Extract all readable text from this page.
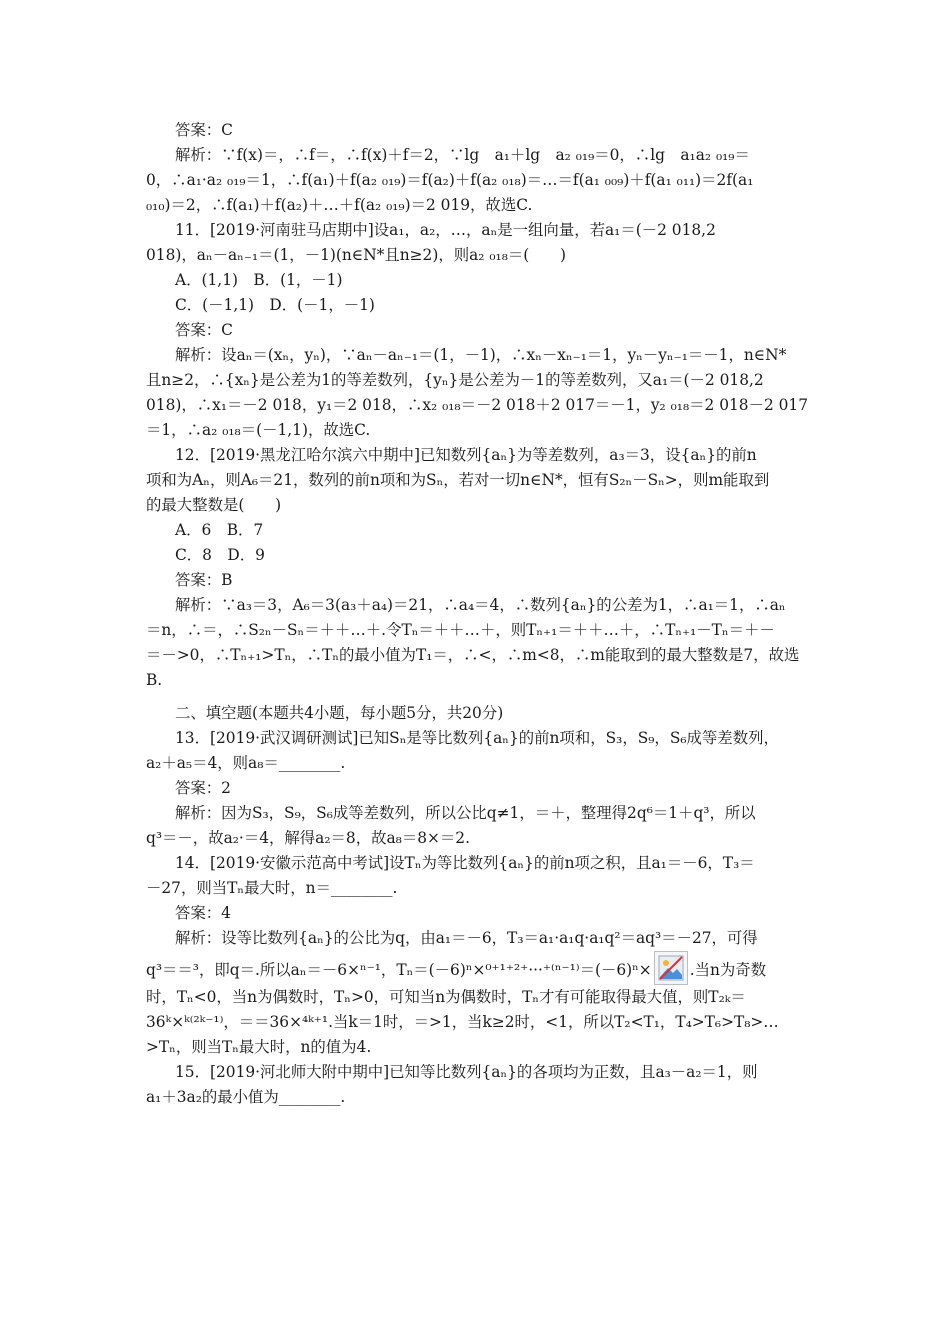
答案：C

解析：∵f(x)＝，∴f＝，∴f(x)＋f＝2，∵lg　a₁＋lg　a₂ ₀₁₉＝0，∴lg　a₁a₂ ₀₁₉＝

0，∴a₁·a₂ ₀₁₉＝1，∴f(a₁)＋f(a₂ ₀₁₉)＝f(a₂)＋f(a₂ ₀₁₈)＝…＝f(a₁ ₀₀₉)＋f(a₁ ₀₁₁)＝2f(a₁

₀₁₀)＝2，∴f(a₁)＋f(a₂)＋…＋f(a₂ ₀₁₉)＝2 019，故选C.

11．[2019·河南驻马店期中]设a₁，a₂，…，aₙ是一组向量，若a₁＝(－2 018,2

018)，aₙ－aₙ₋₁＝(1，－1)(n∈N*且n≥2)，则a₂ ₀₁₈＝(　　)

A．(1,1)　B．(1，－1)

C．(－1,1)　D．(－1，－1)

答案：C

解析：设aₙ＝(xₙ，yₙ)，∵aₙ－aₙ₋₁＝(1，－1)，∴xₙ－xₙ₋₁＝1，yₙ－yₙ₋₁＝－1，n∈N*

且n≥2，∴{xₙ}是公差为1的等差数列，{yₙ}是公差为－1的等差数列，又a₁＝(－2 018,2

018)，∴x₁＝－2 018，y₁＝2 018，∴x₂ ₀₁₈＝－2 018＋2 017＝－1，y₂ ₀₁₈＝2 018－2 017

＝1，∴a₂ ₀₁₈＝(－1,1)，故选C.

12．[2019·黑龙江哈尔滨六中期中]已知数列{aₙ}为等差数列，a₃＝3，设{aₙ}的前n

项和为Aₙ，则A₆＝21，数列的前n项和为Sₙ，若对一切n∈N*，恒有S₂ₙ－Sₙ>，则m能取到

的最大整数是(　　)

A．6　B．7

C．8　D．9

答案：B

解析：∵a₃＝3，A₆＝3(a₃＋a₄)＝21，∴a₄＝4，∴数列{aₙ}的公差为1，∴a₁＝1，∴aₙ

＝n，∴＝，∴S₂ₙ－Sₙ＝＋＋…＋.令Tₙ＝＋＋…＋，则Tₙ₊₁＝＋＋…＋，∴Tₙ₊₁－Tₙ＝＋－

＝－>0，∴Tₙ₊₁>Tₙ，∴Tₙ的最小值为T₁＝，∴<，∴m<8，∴m能取到的最大整数是7，故选

B.

二、填空题(本题共4小题，每小题5分，共20分)

13．[2019·武汉调研测试]已知Sₙ是等比数列{aₙ}的前n项和，S₃，S₉，S₆成等差数列，

a₂＋a₅＝4，则a₈＝________.

答案：2

解析：因为S₃，S₉，S₆成等差数列，所以公比q≠1，＝＋，整理得2q⁶＝1＋q³，所以

q³＝－，故a₂·＝4，解得a₂＝8，故a₈＝8×＝2.

14．[2019·安徽示范高中考试]设Tₙ为等比数列{aₙ}的前n项之积，且a₁＝－6，T₃＝

－27，则当Tₙ最大时，n＝________.

答案：4

解析：设等比数列{aₙ}的公比为q，由a₁＝－6，T₃＝a₁·a₁q·a₁q²＝aq³＝－27，可得

q³＝＝³，即q＝.所以aₙ＝－6×ⁿ⁻¹，Tₙ＝(－6)ⁿ×⁰⁺¹⁺²⁺···⁺⁽ⁿ⁻¹⁾＝(－6)ⁿ× .当n为奇数

时，Tₙ<0，当n为偶数时，Tₙ>0，可知当n为偶数时，Tₙ才有可能取得最大值，则T₂ₖ＝

36ᵏ×ᵏ⁽²ᵏ⁻¹⁾，＝＝36×⁴ᵏ⁺¹.当k＝1时，＝>1，当k≥2时，<1，所以T₂<T₁，T₄>T₆>T₈>…

>Tₙ，则当Tₙ最大时，n的值为4.

15．[2019·河北师大附中期中]已知等比数列{aₙ}的各项均为正数，且a₃－a₂＝1，则

a₁＋3a₂的最小值为________.
